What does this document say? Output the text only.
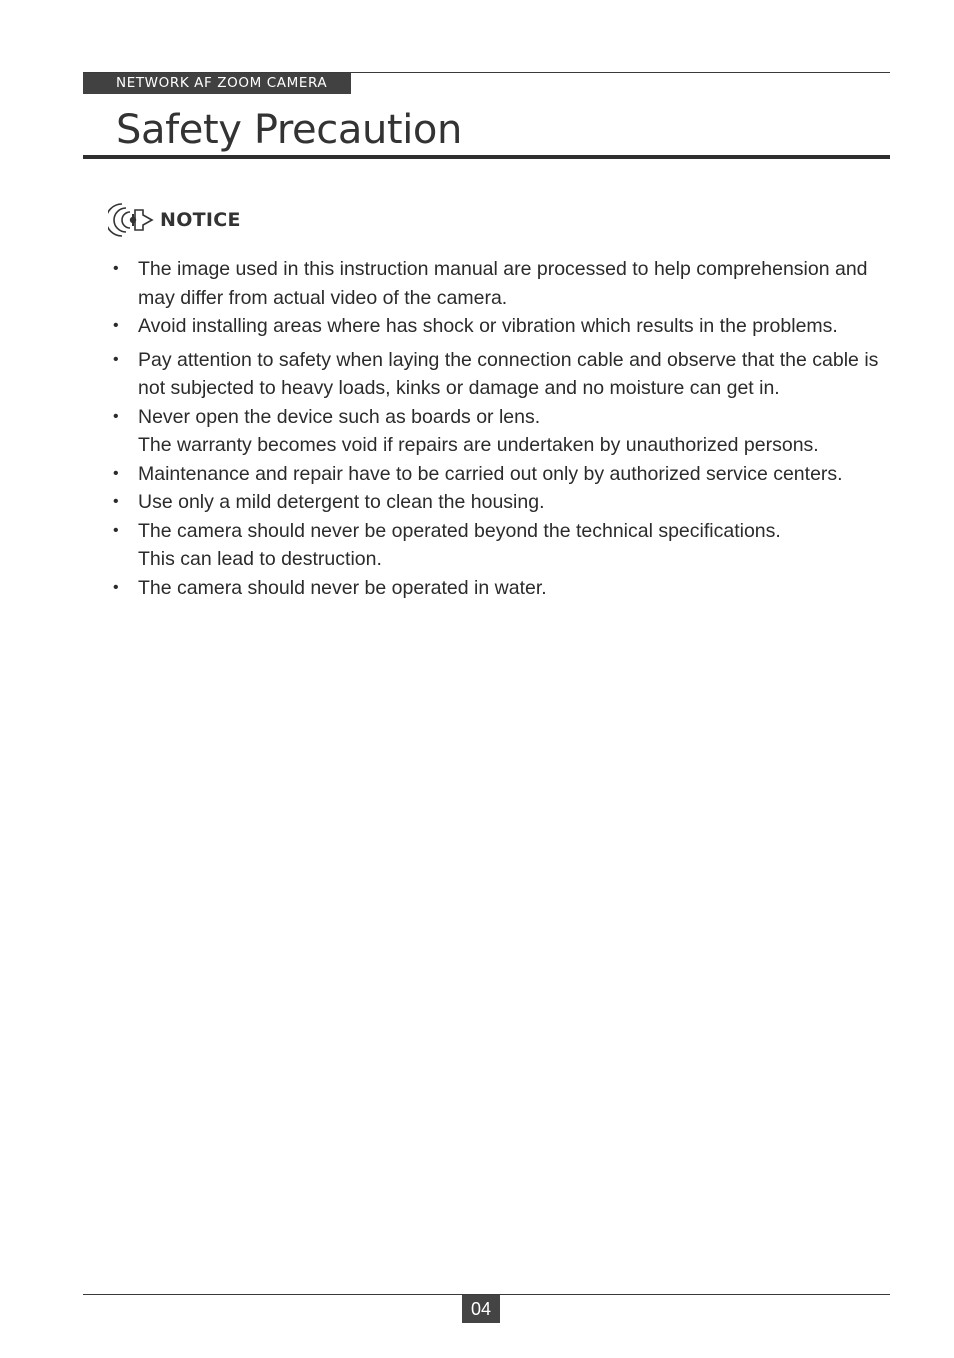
NETWORK AF ZOOM CAMERA
Safety Precaution
NOTICE

• The image used in this instruction manual are processed to help comprehension and may differ from actual video of the camera.

• Avoid installing areas where has shock or vibration which results in the problems.

• Pay attention to safety when laying the connection cable and observe that the cable is not subjected to heavy loads, kinks or damage and no moisture can get in.

• Never open the device such as boards or lens.

The warranty becomes void if repairs are undertaken by unauthorized persons.

• Maintenance and repair have to be carried out only by authorized service centers.

• Use only a mild detergent to clean the housing.

• The camera should never be operated beyond the technical specifications.

This can lead to destruction.

• The camera should never be operated in water.

04
